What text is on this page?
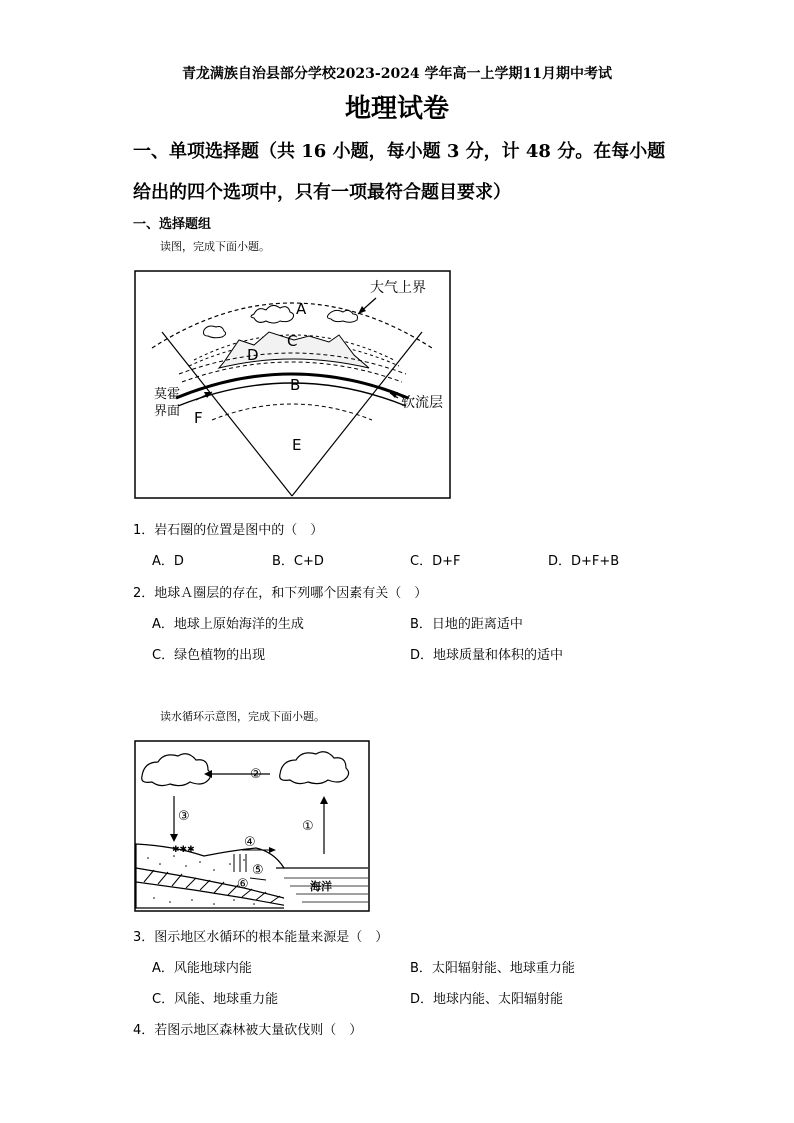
青龙满族自治县部分学校2023-2024 学年高一上学期11月期中考试
地理试卷
一、单项选择题（共 16 小题，每小题 3 分，计 48 分。在每小题
给出的四个选项中，只有一项最符合题目要求）
一、选择题组
读图，完成下面小题。
大气上界
A
C
D
B
E
F
莫霍
界面
软流层
1．岩石圈的位置是图中的（　）
A．D	B．C+D	C．D+F	D．D+F+B
2．地球Ａ圈层的存在，和下列哪个因素有关（　）
A．地球上原始海洋的生成	B．日地的距离适中
C．绿色植物的出现	D．地球质量和体积的适中
读水循环示意图，完成下面小题。
✱✱✱
②
③
①
④
⑤
⑥	海洋
3．图示地区水循环的根本能量来源是（　）
A．风能地球内能	B．太阳辐射能、地球重力能
C．风能、地球重力能	D．地球内能、太阳辐射能
4．若图示地区森林被大量砍伐则（　）
